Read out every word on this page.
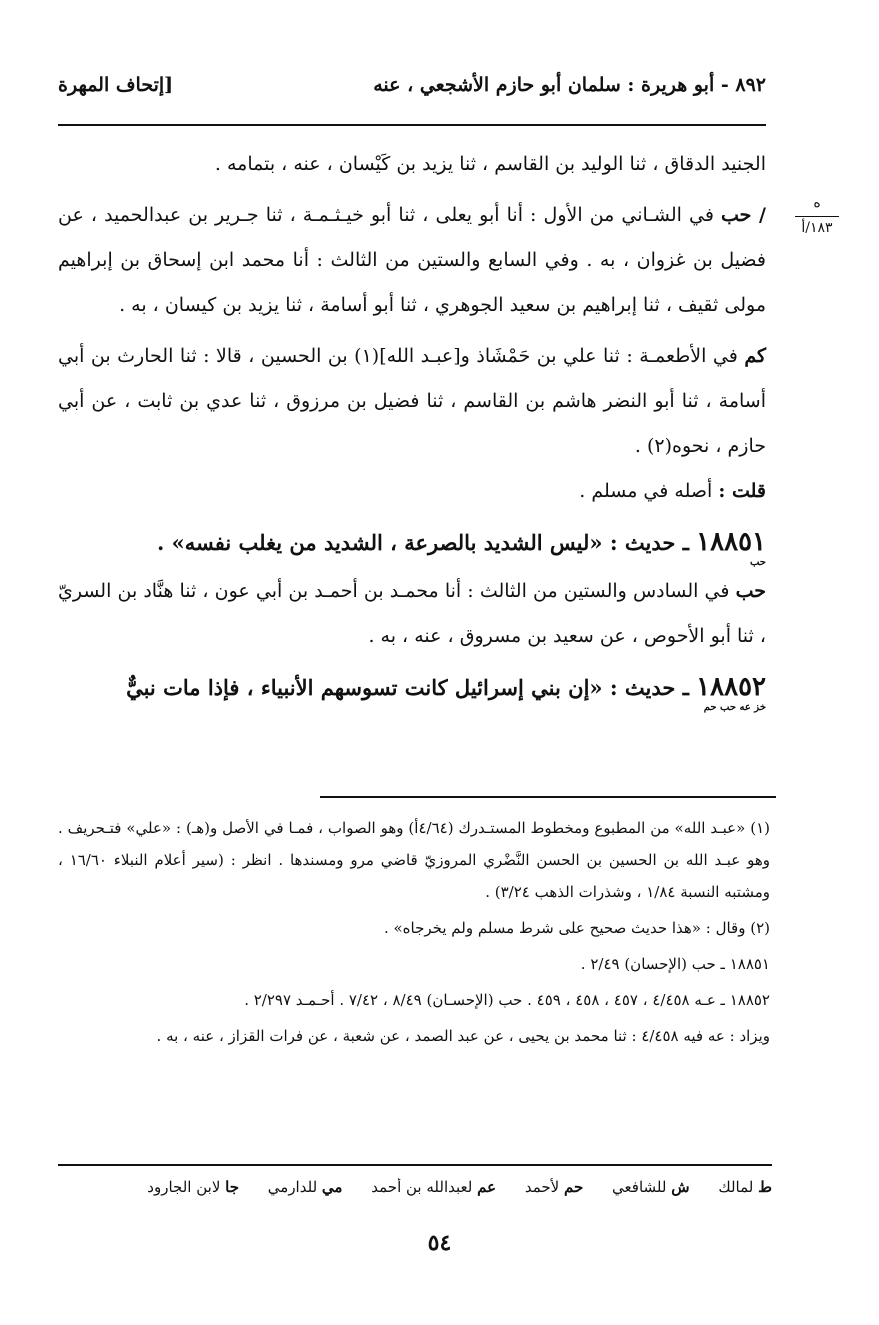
٨٩٢ - أبو هريرة : سلمان أبو حازم الأشجعي ، عنه
[إتحاف المهرة
ه
١٨٣/أ

الجنيد الدقاق ، ثنا الوليد بن القاسم ، ثنا يزيد بن كَيْسان ، عنه ، بتمامه .

/ حب في الشـاني من الأول : أنا أبو يعلى ، ثنا أبو خيـثـمـة ، ثنا جـرير بن عبدالحميد ، عن فضيل بن غزوان ، به . وفي السابع والستين من الثالث : أنا محمد ابن إسحاق بن إبراهيم مولى ثقيف ، ثنا إبراهيم بن سعيد الجوهري ، ثنا أبو أسامة ، ثنا يزيد بن كيسان ، به .

كم في الأطعمـة : ثنا علي بن حَمْشَاذ و[عبـد الله](١) بن الحسين ، قالا : ثنا الحارث بن أبي أسامة ، ثنا أبو النضر هاشم بن القاسم ، ثنا فضيل بن مرزوق ، ثنا عدي بن ثابت ، عن أبي حازم ، نحوه(٢) .

قلت : أصله في مسلم .

١٨٨٥١ ـ حديث : «ليس الشديد بالصرعة ، الشديد من يغلب نفسه» .
حب

حب في السادس والستين من الثالث : أنا محمـد بن أحمـد بن أبي عون ، ثنا هنَّاد بن السريّ ، ثنا أبو الأحوص ، عن سعيد بن مسروق ، عنه ، به .

١٨٨٥٢ ـ حديث : «إن بني إسرائيل كانت تسوسهم الأنبياء ، فإذا مات نبيٌّ
خز عه حب حم

(١) «عبـد الله» من المطبوع ومخطوط المستـدرك (٤/٦٤أ) وهو الصواب ، فمـا في الأصل و(هـ) : «علي» فتـحريف . وهو عبـد الله بن الحسين بن الحسن النَّضْري المروزيّ قاضي مرو ومسندها . انظر : (سير أعلام النبلاء ١٦/٦٠ ، ومشتبه النسبة ١/٨٤ ، وشذرات الذهب ٣/٢٤) .

(٢) وقال : «هذا حديث صحيح على شرط مسلم ولم يخرجاه» .

١٨٨٥١ ـ حب (الإحسان) ٢/٤٩ .

١٨٨٥٢ ـ عـه ٤/٤٥٨ ، ٤٥٧ ، ٤٥٨ ، ٤٥٩ . حب (الإحسـان) ٨/٤٩ ، ٧/٤٢ . أحـمـد ٢/٢٩٧ .

ويزاد : عه فيه ٤/٤٥٨ : ثنا محمد بن يحيى ، عن عبد الصمد ، عن شعبة ، عن فرات القزاز ، عنه ، به .

ط لمالك ش للشافعي حم لأحمد عم لعبدالله بن أحمد مي للدارمي جا لابن الجارود
٥٤
